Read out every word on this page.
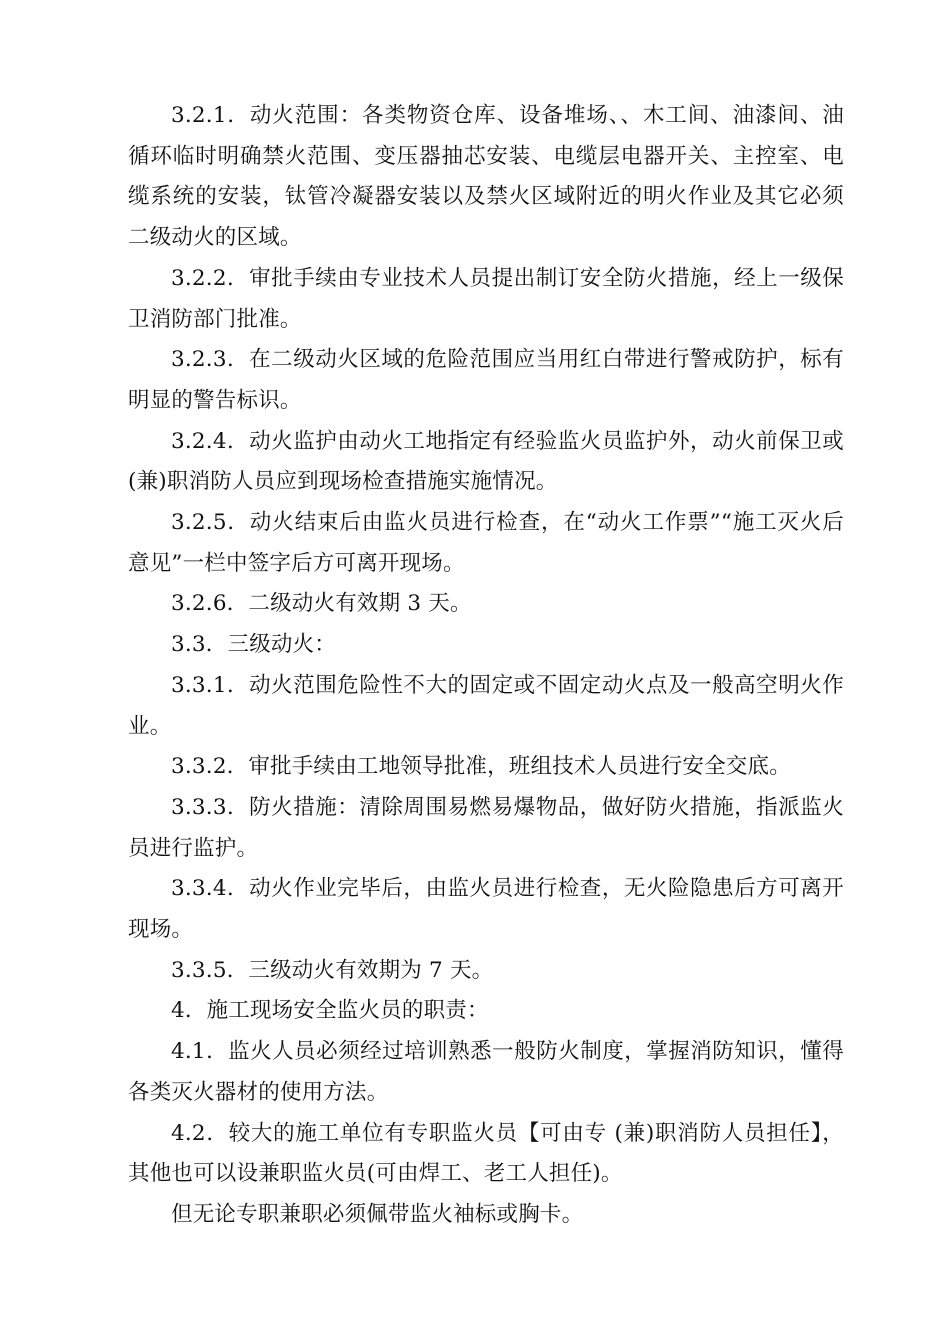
3.2.1．动火范围：各类物资仓库、设备堆场、、木工间、油漆间、油循环临时明确禁火范围、变压器抽芯安装、电缆层电器开关、主控室、电缆系统的安装，钛管冷凝器安装以及禁火区域附近的明火作业及其它必须二级动火的区域。

3.2.2．审批手续由专业技术人员提出制订安全防火措施，经上一级保卫消防部门批准。

3.2.3．在二级动火区域的危险范围应当用红白带进行警戒防护，标有明显的警告标识。

3.2.4．动火监护由动火工地指定有经验监火员监护外，动火前保卫或(兼)职消防人员应到现场检查措施实施情况。

3.2.5．动火结束后由监火员进行检查，在“动火工作票”“施工灭火后意见”一栏中签字后方可离开现场。

3.2.6．二级动火有效期 3 天。

3.3．三级动火：

3.3.1．动火范围危险性不大的固定或不固定动火点及一般高空明火作业。

3.3.2．审批手续由工地领导批准，班组技术人员进行安全交底。

3.3.3．防火措施：清除周围易燃易爆物品，做好防火措施，指派监火员进行监护。

3.3.4．动火作业完毕后，由监火员进行检查，无火险隐患后方可离开现场。

3.3.5．三级动火有效期为 7 天。

4．施工现场安全监火员的职责：

4.1．监火人员必须经过培训熟悉一般防火制度，掌握消防知识，懂得各类灭火器材的使用方法。

4.2．较大的施工单位有专职监火员【可由专 (兼)职消防人员担任】，其他也可以设兼职监火员(可由焊工、老工人担任)。

但无论专职兼职必须佩带监火袖标或胸卡。
